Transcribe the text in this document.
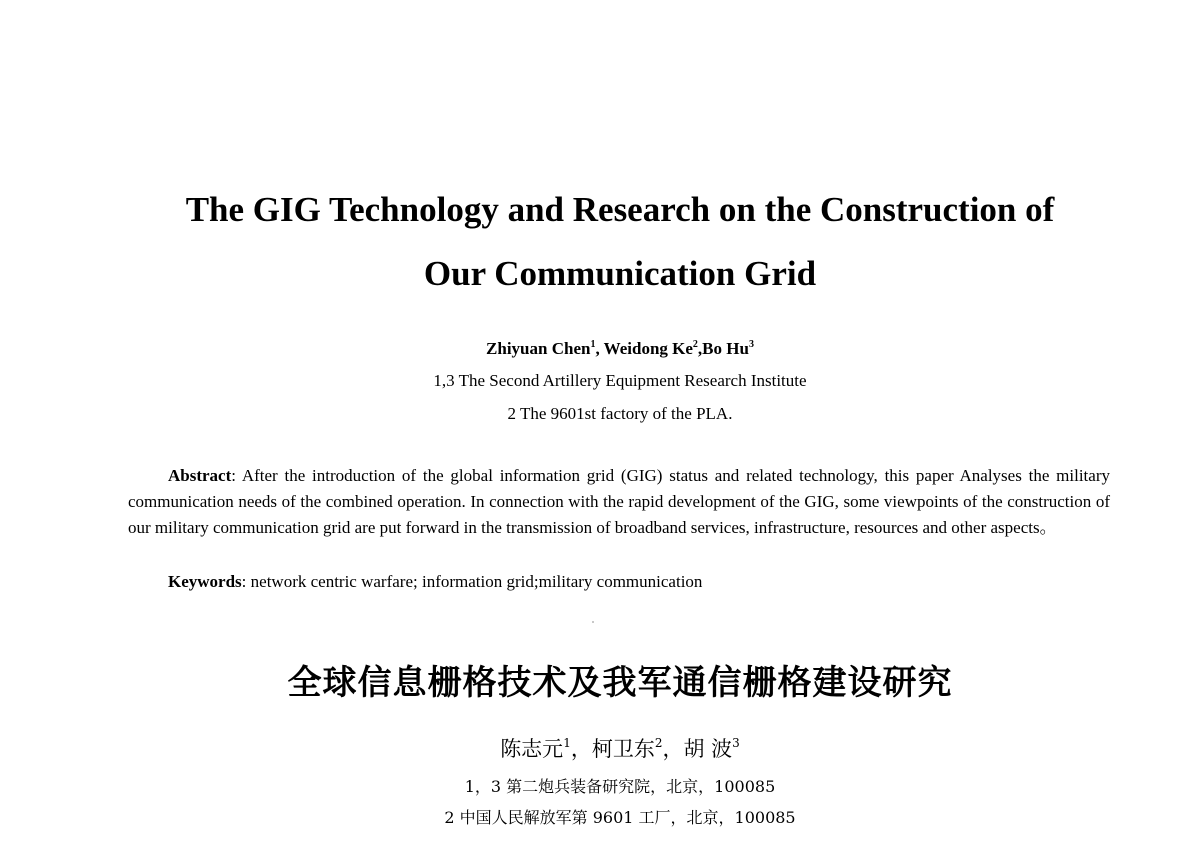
The GIG Technology and Research on the Construction of
Our Communication Grid
Zhiyuan Chen$^1$, Weidong Ke$^2$,Bo Hu$^3$
1,3 The Second Artillery Equipment Research Institute
2 The 9601st factory of the PLA.
Abstract: After the introduction of the global information grid (GIG) status and related technology, this paper Analyses the military communication needs of the combined operation. In connection with the rapid development of the GIG, some viewpoints of the construction of our military communication grid are put forward in the transmission of broadband services, infrastructure, resources and other aspects。
Keywords: network centric warfare; information grid;military communication
全球信息栅格技术及我军通信栅格建设研究
陈志元$^1$，柯卫东$^2$，胡 波$^3$
1，3 第二炮兵装备研究院，北京，100085
2 中国人民解放军第 9601 工厂，北京，100085
